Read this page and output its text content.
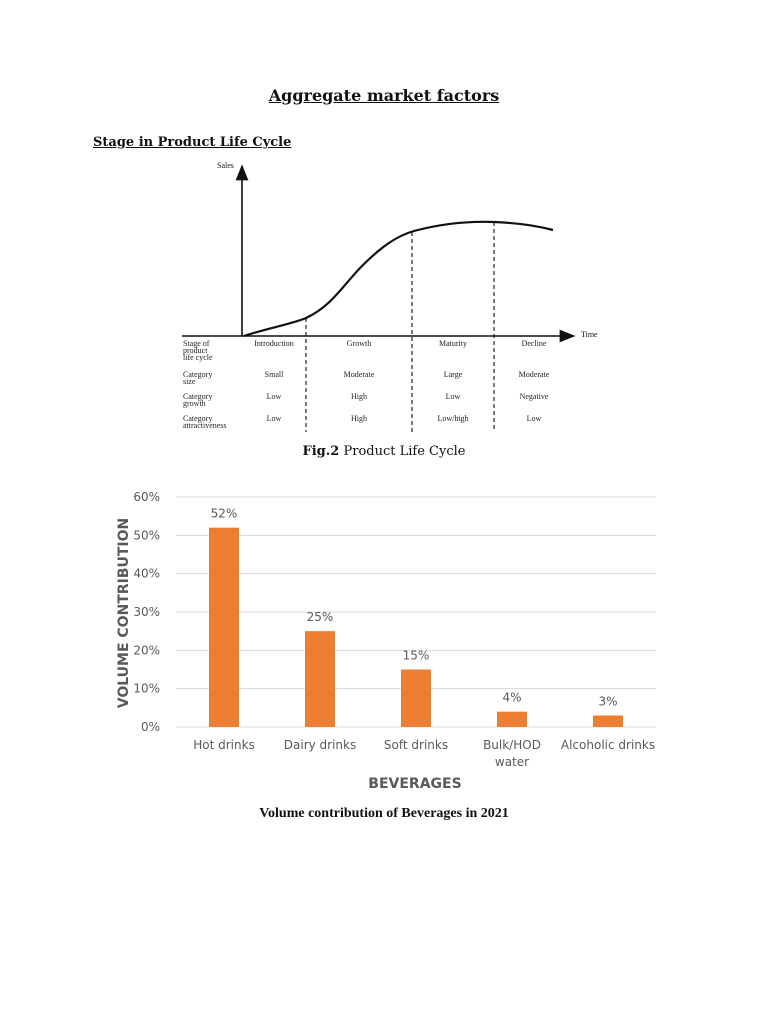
Aggregate market factors
Stage in Product Life Cycle
Sales
Time
Stage of
product
life cycle
Introduction	Growth	Maturity	Decline
Category
size
Small	Moderate	Large	Moderate
Category
growth
Low	High	Low	Negative
Category
attractiveness
Low	High	Low/high	Low
Fig.2 Product Life Cycle
0%
10%
20%
30%
40%
50%
60%
52%
Hot drinks
25%
Dairy drinks
15%
Soft drinks
4%
Bulk/HOD
water
3%
Alcoholic drinks
VOLUME CONTRIBUTION
BEVERAGES
Volume contribution of Beverages in 2021
